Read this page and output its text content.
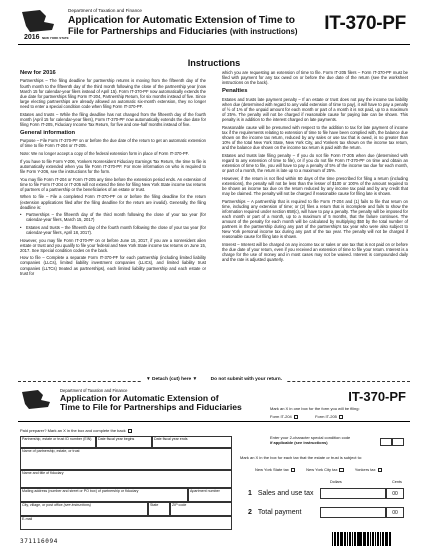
2016 NEW YORK STATE
Department of Taxation and Finance
Application for Automatic Extension of Time to
File for Partnerships and Fiduciaries (with instructions) IT-370-PF
Instructions
New for 2016

Partnerships – The filing deadline for partnership returns is moving from the fifteenth day of the fourth month to the fifteenth day of the third month following the close of the partnership year (now March 15 for calendar-year filers instead of April 15). Form IT-370-PF now automatically extends the due date for partnerships filing Form IT-204, Partnership Return, for six months instead of five. Since large electing partnerships are already allowed an automatic six-month extension, they no longer need to enter a special condition code when filing Form IT-370-PF.

Estates and trusts – While the filing deadline has not changed from the fifteenth day of the fourth month (April 15 for calendar-year filers), Form IT-370-PF now automatically extends the due date for filing Form IT-205, Fiduciary Income Tax Return, for five and one-half months instead of five.

General information

Purpose – File Form IT-370-PF on or before the due date of the return to get an automatic extension of time to file Form IT-204 or IT-205.

Note: We no longer accept a copy of the federal extension form in place of Form IT-370-PF.

If you have to file Form Y-206, Yonkers Nonresident Fiduciary Earnings Tax Return, the time to file is automatically extended when you file Form IT-370-PF. For more information on who is required to file Form Y-206, see the instructions for the form.

You may file Form IT-204 or Form IT-205 any time before the extension period ends. An extension of time to file Form IT-204 or IT-205 will not extend the time for filing New York State income tax returns of partners of a partnership or the beneficiaries of an estate or trust.

When to file – File a completed Form IT-370-PF on or before the filing deadline for the return (extension applications filed after the filing deadline for the return are invalid). Generally, the filing deadline is:

• Partnerships – the fifteenth day of the third month following the close of your tax year (for calendar-year filers, March 15, 2017)
• Estates and trusts – the fifteenth day of the fourth month following the close of your tax year (for calendar-year filers, April 18, 2017).

However, you may file Form IT-370-PF on or before June 15, 2017, if you are a nonresident alien estate or trust and you qualify to file your federal and New York State income tax returns on June 15, 2017. See Special condition codes on the back.

How to file – Complete a separate Form IT-370-PF for each partnership (including limited liability companies (LLCs), limited liability investment companies (LLICs), and limited liability trust companies (LLTCs) treated as partnerships), each limited liability partnership and each estate or trust for

which you are requesting an extension of time to file. Form IT-205 filers – Form IT-370-PF must be filed with payment for any tax owed on or before the due date of the return (see the worksheet instructions on the back).

Penalties

Estates and trusts late payment penalty – If an estate or trust does not pay the income tax liability when due (determined with regard to any valid extension of time to pay), it will have to pay a penalty of ½ of 1% of the unpaid amount for each month or part of a month it is not paid, up to a maximum of 25%. The penalty will not be charged if reasonable cause for paying late can be shown. This penalty is in addition to the interest charged on late payments.

Reasonable cause will be presumed with respect to the addition to tax for late payment of income tax if the requirements relating to extension of time to file have been complied with, the balance due shown on the income tax return, reduced by any sales or use tax that is owed, is no greater than 10% of the total New York State, New York City, and Yonkers tax shown on the income tax return, and the balance due shown on the income tax return is paid with the return.

Estates and trusts late filing penalty – If you do not file Form IT-205 when due (determined with regard to any extension of time to file), or if you do not file Form IT-370-PF on time and obtain an extension of time to file, you will have to pay a penalty of 5% of the income tax due for each month, or part of a month, the return is late up to a maximum of 25%.

However, if the return is not filed within 60 days of the time prescribed for filing a return (including extensions), the penalty will not be less than the lesser of $100 or 100% of the amount required to be shown as income tax due on the return reduced by any income tax paid and by any credit that may be claimed. The penalty will not be charged if reasonable cause for filing late is shown.

Partnerships – A partnership that is required to file Form IT-204 and (1) fails to file that return on time, including any extension of time; or (2) files a return that is incomplete and fails to show the information required under section 658(c), will have to pay a penalty. The penalty will be imposed for each month or part of a month, up to a maximum of 5 months, that the failure continues. The amount of the penalty for each month will be calculated by multiplying $50 by the total number of partners in the partnership during any part of the partnership's tax year who were also subject to New York personal income tax during any part of the tax year. The penalty will not be charged if reasonable cause for filing late is shown.

Interest – Interest will be charged on any income tax or sales or use tax that is not paid on or before the due date of your return, even if you received an extension of time to file your return. Interest is a charge for the use of money and in most cases may not be waived. Interest is compounded daily and the rate is adjusted quarterly.

▼ Detach (cut) here ▼          Do not submit with your return.
Department of Taxation and Finance
Application for Automatic Extension of
Time to File for Partnerships and Fiduciaries
IT-370-PF
Mark an X in one box for the form you will be filing:
Form IT-204	Form IT-205
Paid preparer? Mark an X in the box and complete the back
Partnership, estate or trust ID number (EIN) Date fiscal year begins	Date fiscal year ends
Name of partnership, estate, or trust
Name and title of fiduciary
Mailing address (number and street or PO box) of partnership or fiduciary	Apartment number
City, village, or post office (see instructions)	State	ZIP code
E-mail
Enter your 2-character special condition code
if applicable (see instructions)
Mark an X in the box for each tax that the estate or trust is subject to:
New York State tax	New York City tax	Yonkers tax
Dollars	Cents
1 Sales and use tax	00
2 Total payment	00
371116094
